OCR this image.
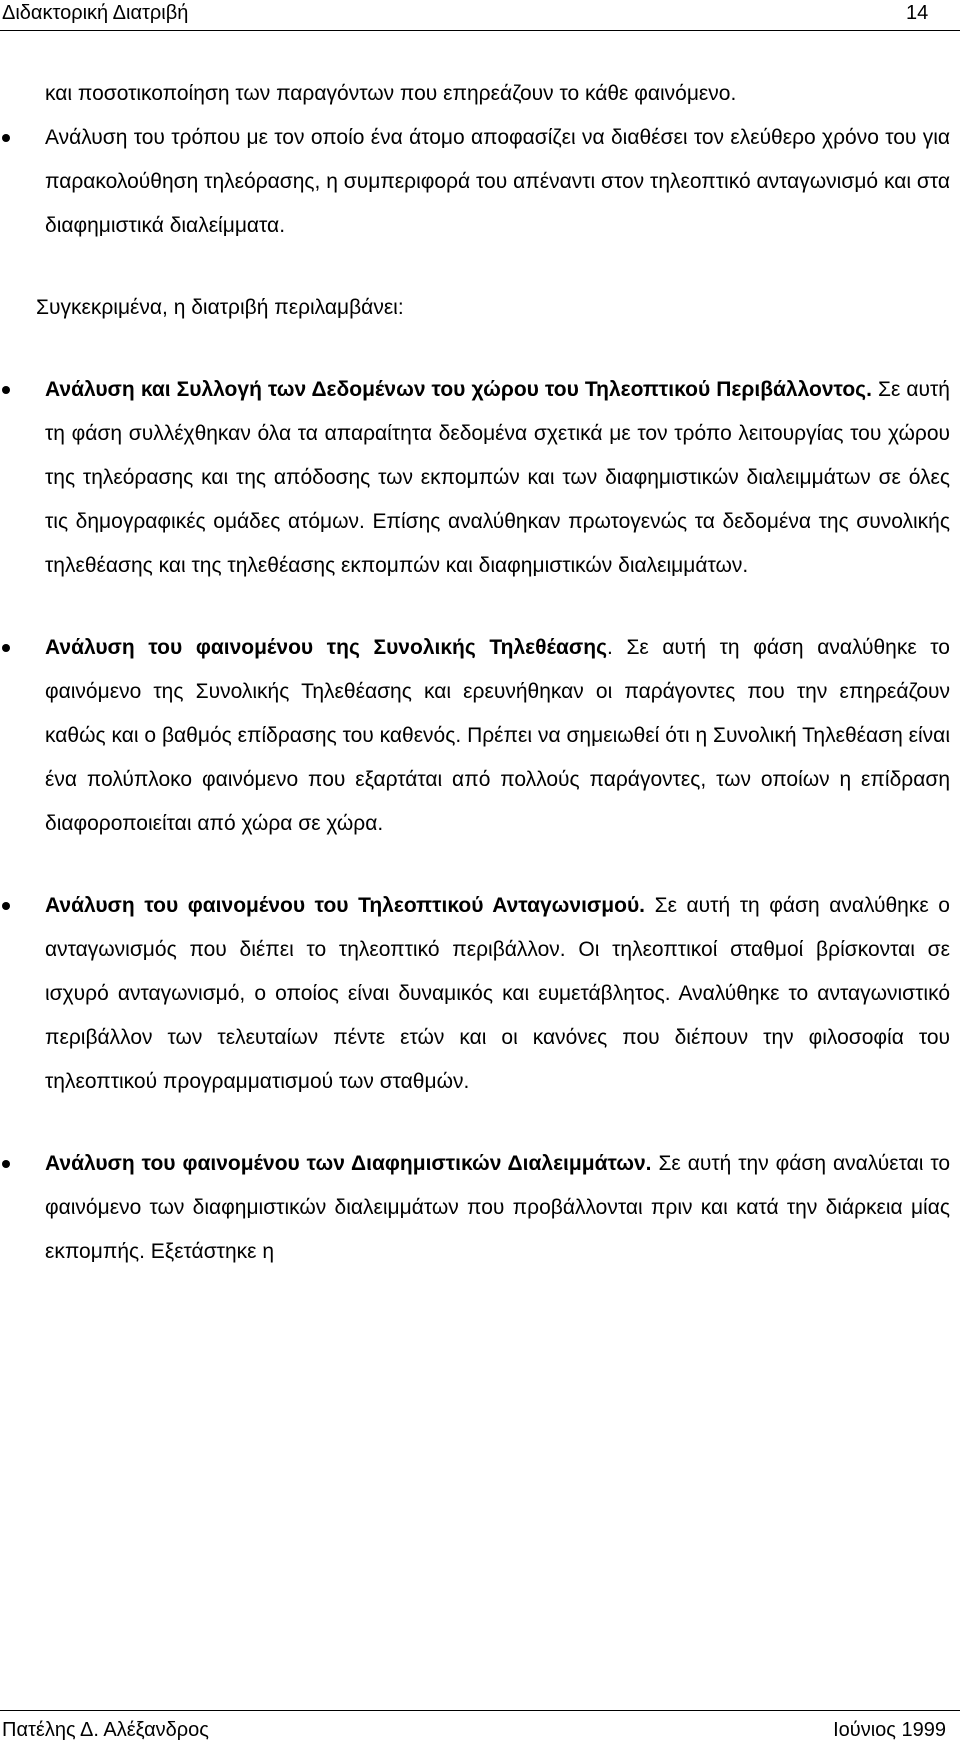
Διδακτορική Διατριβή	14

και ποσοτικοποίηση των παραγόντων που επηρεάζουν το κάθε φαινόμενο.

Ανάλυση του τρόπου με τον οποίο ένα άτομο αποφασίζει να διαθέσει τον ελεύθερο χρόνο του για παρακολούθηση τηλεόρασης, η συμπεριφορά του απέναντι στον τηλεοπτικό ανταγωνισμό και στα διαφημιστικά διαλείμματα.

Συγκεκριμένα, η διατριβή περιλαμβάνει:

Ανάλυση και Συλλογή των Δεδομένων του χώρου του Τηλεοπτικού Περιβάλλοντος. Σε αυτή τη φάση συλλέχθηκαν όλα τα απαραίτητα δεδομένα σχετικά με τον τρόπο λειτουργίας του χώρου της τηλεόρασης και της απόδοσης των εκπομπών και των διαφημιστικών διαλειμμάτων σε όλες τις δημογραφικές ομάδες ατόμων. Επίσης αναλύθηκαν πρωτογενώς τα δεδομένα της συνολικής τηλεθέασης και της τηλεθέασης εκπομπών και διαφημιστικών διαλειμμάτων.
Ανάλυση του φαινομένου της Συνολικής Τηλεθέασης. Σε αυτή τη φάση αναλύθηκε το φαινόμενο της Συνολικής Τηλεθέασης και ερευνήθηκαν οι παράγοντες που την επηρεάζουν καθώς και ο βαθμός επίδρασης του καθενός. Πρέπει να σημειωθεί ότι η Συνολική Τηλεθέαση είναι ένα πολύπλοκο φαινόμενο που εξαρτάται από πολλούς παράγοντες, των οποίων η επίδραση διαφοροποιείται από χώρα σε χώρα.
Ανάλυση του φαινομένου του Τηλεοπτικού Ανταγωνισμού. Σε αυτή τη φάση αναλύθηκε ο ανταγωνισμός που διέπει το τηλεοπτικό περιβάλλον. Οι τηλεοπτικοί σταθμοί βρίσκονται σε ισχυρό ανταγωνισμό, ο οποίος είναι δυναμικός και ευμετάβλητος. Αναλύθηκε το ανταγωνιστικό περιβάλλον των τελευταίων πέντε ετών και οι κανόνες που διέπουν την φιλοσοφία του τηλεοπτικού προγραμματισμού των σταθμών.
Ανάλυση του φαινομένου των Διαφημιστικών Διαλειμμάτων. Σε αυτή την φάση αναλύεται το φαινόμενο των διαφημιστικών διαλειμμάτων που προβάλλονται πριν και κατά την διάρκεια μίας εκπομπής. Εξετάστηκε η
Πατέλης Δ. Αλέξανδρος	Ιούνιος 1999
